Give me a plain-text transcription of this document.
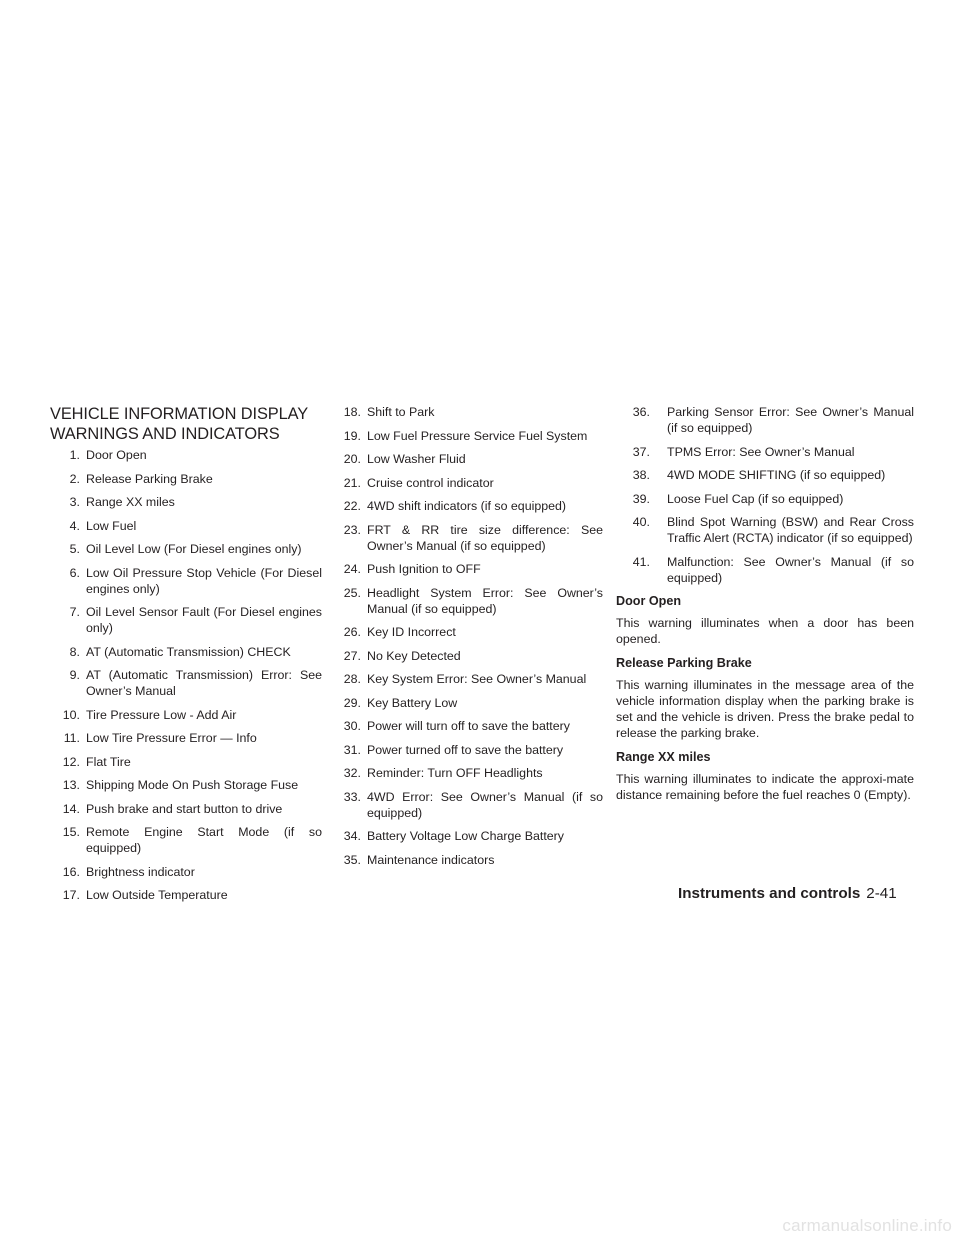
VEHICLE INFORMATION DISPLAY
WARNINGS AND INDICATORS
1. Door Open
2. Release Parking Brake
3. Range XX miles
4. Low Fuel
5. Oil Level Low (For Diesel engines only)
6. Low Oil Pressure Stop Vehicle (For Diesel engines only)
7. Oil Level Sensor Fault (For Diesel engines only)
8. AT (Automatic Transmission) CHECK
9. AT (Automatic Transmission) Error: See Owner’s Manual
10. Tire Pressure Low - Add Air
11. Low Tire Pressure Error — Info
12. Flat Tire
13. Shipping Mode On Push Storage Fuse
14. Push brake and start button to drive
15. Remote Engine Start Mode (if so equipped)
16. Brightness indicator
17. Low Outside Temperature
18. Shift to Park
19. Low Fuel Pressure Service Fuel System
20. Low Washer Fluid
21. Cruise control indicator
22. 4WD shift indicators (if so equipped)
23. FRT & RR tire size difference: See Owner’s Manual (if so equipped)
24. Push Ignition to OFF
25. Headlight System Error: See Owner’s Manual (if so equipped)
26. Key ID Incorrect
27. No Key Detected
28. Key System Error: See Owner’s Manual
29. Key Battery Low
30. Power will turn off to save the battery
31. Power turned off to save the battery
32. Reminder: Turn OFF Headlights
33. 4WD Error: See Owner’s Manual (if so equipped)
34. Battery Voltage Low Charge Battery
35. Maintenance indicators
36. Parking Sensor Error: See Owner’s Manual (if so equipped)
37. TPMS Error: See Owner’s Manual
38. 4WD MODE SHIFTING (if so equipped)
39. Loose Fuel Cap (if so equipped)
40. Blind Spot Warning (BSW) and Rear Cross Traffic Alert (RCTA) indicator (if so equipped)
41. Malfunction: See Owner’s Manual (if so equipped)
Door Open

This warning illuminates when a door has been opened.

Release Parking Brake

This warning illuminates in the message area of the vehicle information display when the parking brake is set and the vehicle is driven. Press the brake pedal to release the parking brake.

Range XX miles

This warning illuminates to indicate the approxi-mate distance remaining before the fuel reaches 0 (Empty).

Instruments and controls 2-41
carmanualsonline.info
